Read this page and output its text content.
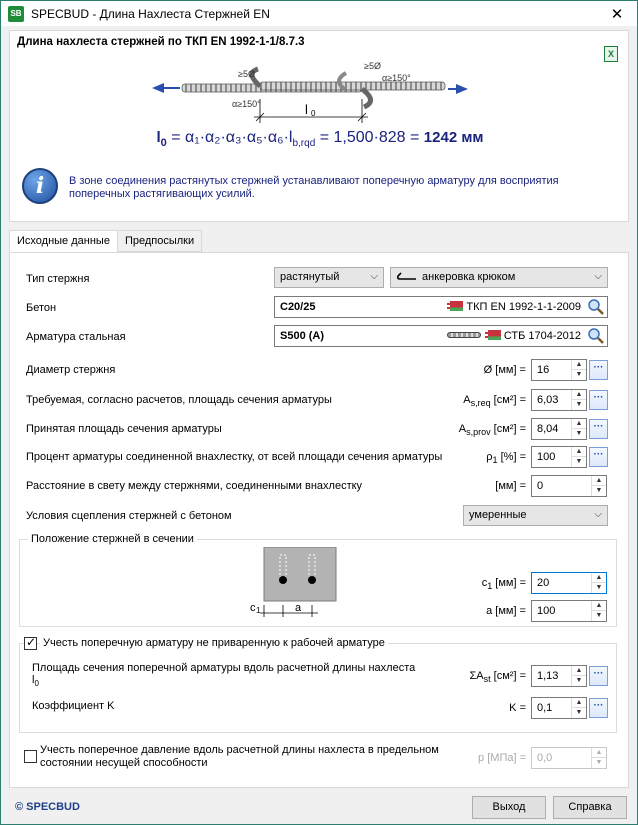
SB SPECBUD - Длина Нахлеста Стержней EN	✕
Длина нахлеста стержней по ТКП EN 1992-1-1/8.7.3
X
l 0
≥5Ø
α≥150°
≥5Ø
α≥150°
$l_0 = \alpha_1\cdot\alpha_2\cdot\alpha_3\cdot\alpha_5\cdot\alpha_6\cdot l_{b,rqd} = 1,500\cdot 828 = 1242$ мм
i	В зоне соединения растянутых стержней устанавливают поперечную арматуру для восприятия поперечных растягивающих усилий.
Исходные данные	Предпосылки
Тип стержня	растянутый	⌵	анкеровка крюком	⌵
Бетон	C20/25	ТКП EN 1992-1-1-2009
Арматура стальная	S500 (A)	СТБ 1704-2012
Диаметр стержня	Ø [мм] = 16	▲
▼
···
Требуемая, согласно расчетов, площадь сечения арматуры	$A_{s,req}$ [см²] = 6,03	▲
▼
···
Принятая площадь сечения арматуры	$A_{s,prov}$ [см²] = 8,04	▲
▼
···
Процент арматуры соединенной внахлестку, от всей площади сечения арматуры	$\rho_1$ [%] = 100	▲
▼
···
Расстояние в свету между стержнями, соединенными внахлестку	[мм] = 0	▲
▼
Условия сцепления стержней с бетоном	умеренные	⌵
Положение стержней в сечении
c 1	a
$c_1$ [мм] = 20	▲
▼
a [мм] = 100	▲
▼
✓
Учесть поперечную арматуру не приваренную к рабочей арматуре
Площадь сечения поперечной арматуры вдоль расчетной длины нахлеста
$l_0$
$\Sigma A_{st}$ [см²] = 1,13	▲
▼
···
Коэффициент K	K = 0,1	▲
▼
···
Учесть поперечное давление вдоль расчетной длины нахлеста в предельном состоянии несущей способности	p [МПа] = 0,0	▲
▼
© SPECBUD	Выход	Справка
